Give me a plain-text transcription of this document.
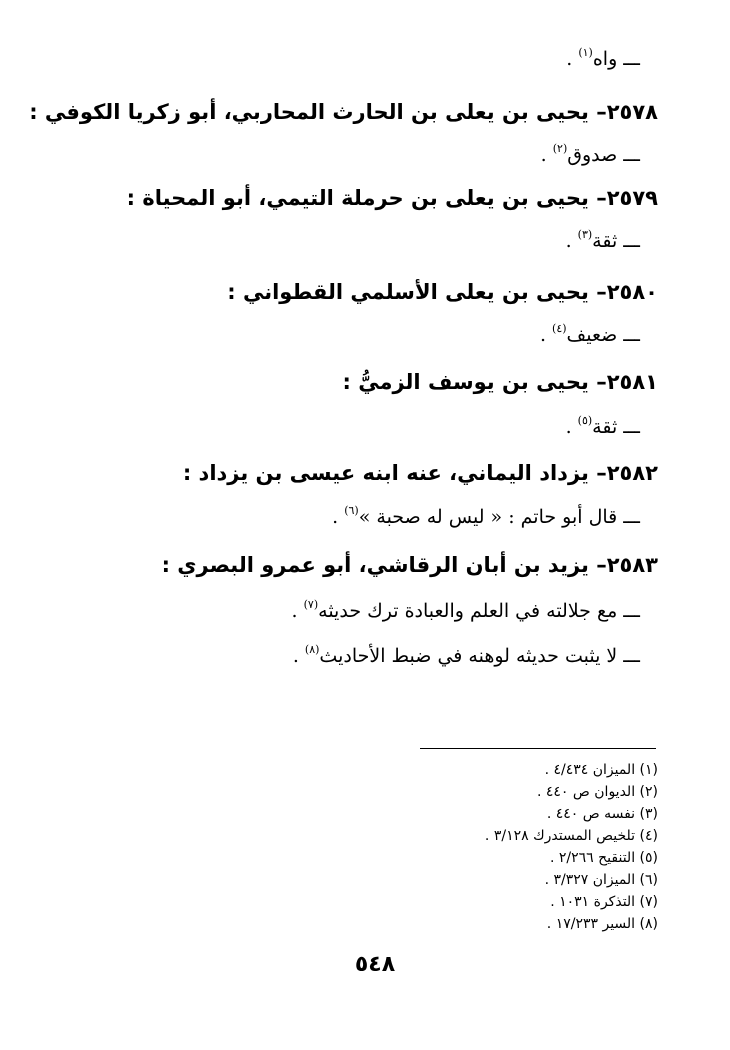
ـــ واه$^{(١)}$ .
٢٥٧٨– يحيى بن يعلى بن الحارث المحاربي، أبو زكريا الكوفي :
ـــ صدوق$^{(٢)}$ .
٢٥٧٩– يحيى بن يعلى بن حرملة التيمي، أبو المحياة :
ـــ ثقة$^{(٣)}$ .
٢٥٨٠– يحيى بن يعلى الأسلمي القطواني :
ـــ ضعيف$^{(٤)}$ .
٢٥٨١– يحيى بن يوسف الزميُّ :
ـــ ثقة$^{(٥)}$ .
٢٥٨٢– يزداد اليماني، عنه ابنه عيسى بن يزداد :
ـــ قال أبو حاتم : « ليس له صحبة »$^{(٦)}$ .
٢٥٨٣– يزيد بن أبان الرقاشي، أبو عمرو البصري :
ـــ مع جلالته في العلم والعبادة ترك حديثه$^{(٧)}$ .
ـــ لا يثبت حديثه لوهنه في ضبط الأحاديث$^{(٨)}$ .
(١) الميزان ٤/٤٣٤ .
(٢) الديوان ص ٤٤٠ .
(٣) نفسه ص ٤٤٠ .
(٤) تلخيص المستدرك ٣/١٢٨ .
(٥) التنقيح ٢/٢٦٦ .
(٦) الميزان ٣/٣٢٧ .
(٧) التذكرة ١٠٣١ .
(٨) السير ١٧/٢٣٣ .
٥٤٨
